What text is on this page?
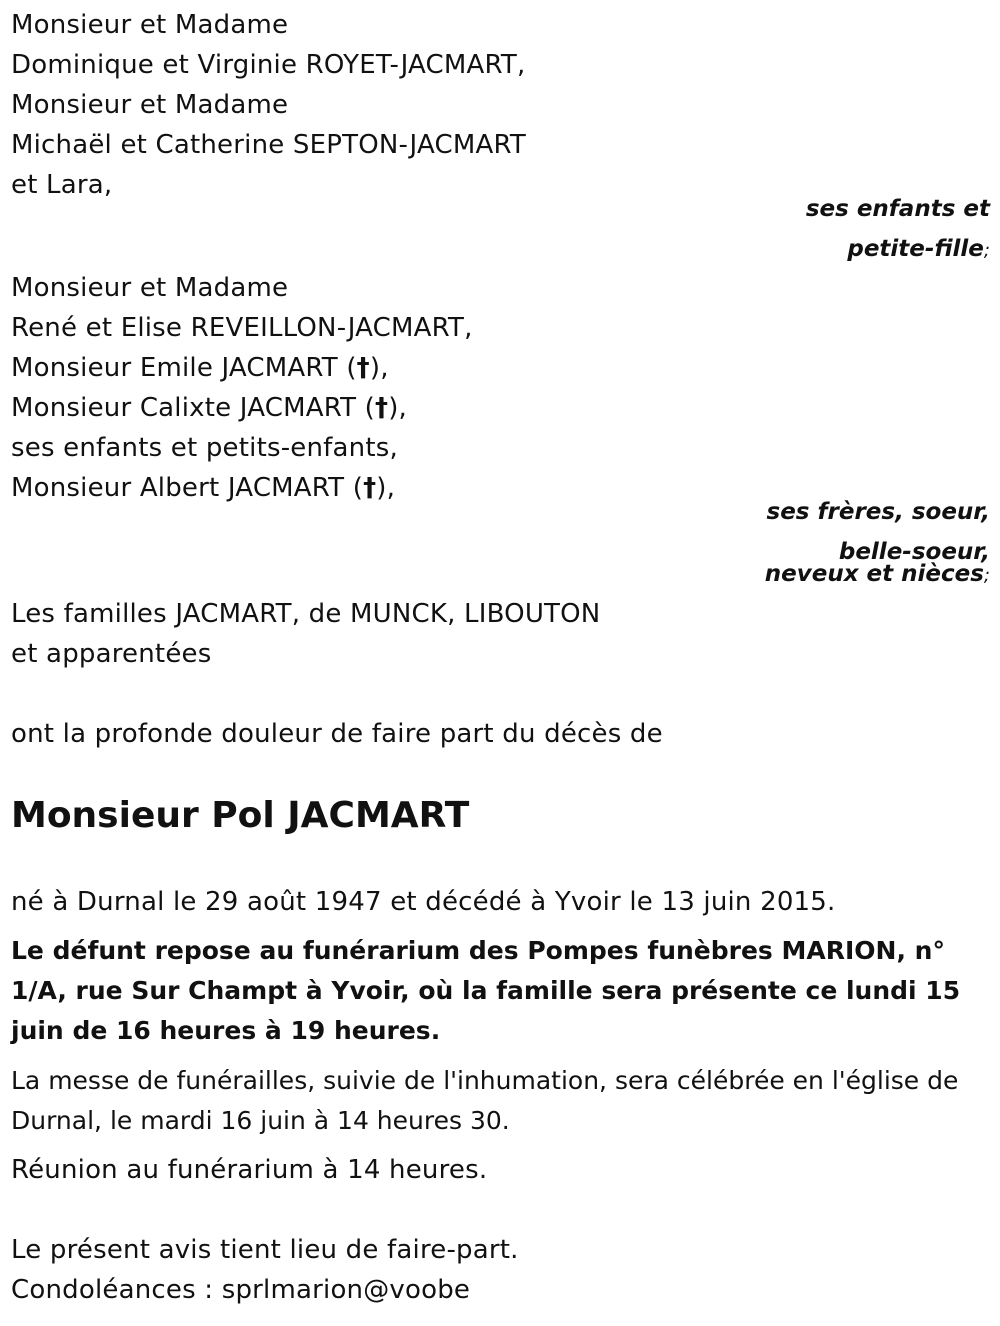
Monsieur et Madame
Dominique et Virginie ROYET-JACMART,
Monsieur et Madame
Michaël et Catherine SEPTON-JACMART
et Lara,
ses enfants et
petite-fille;
Monsieur et Madame
René et Elise REVEILLON-JACMART,
Monsieur Emile JACMART (†),
Monsieur Calixte JACMART (†),
ses enfants et petits-enfants,
Monsieur Albert JACMART (†),
ses frères, soeur,
belle-soeur,
neveux et nièces;
Les familles JACMART, de MUNCK, LIBOUTON
et apparentées
ont la profonde douleur de faire part du décès de
Monsieur Pol JACMART
né à Durnal le 29 août 1947 et décédé à Yvoir le 13 juin 2015.
Le défunt repose au funérarium des Pompes funèbres MARION, n° 1/A, rue Sur Champt à Yvoir, où la famille sera présente ce lundi 15 juin de 16 heures à 19 heures.
La messe de funérailles, suivie de l'inhumation, sera célébrée en l'église de Durnal, le mardi 16 juin à 14 heures 30.
Réunion au funérarium à 14 heures.
Le présent avis tient lieu de faire-part.
Condoléances : sprlmarion@voobe
